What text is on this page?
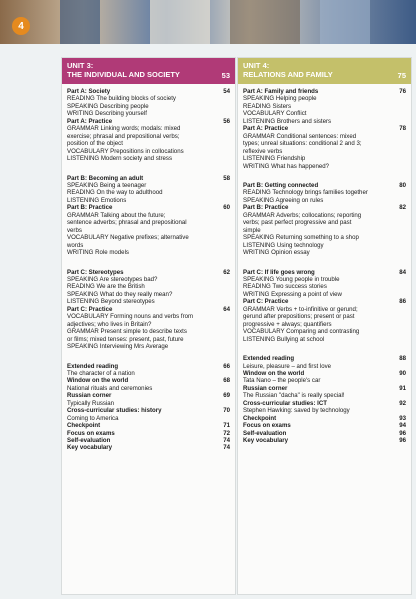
4
UNIT 3:
THE INDIVIDUAL AND SOCIETY	53
Part A: Society	54
READING The building blocks of society
SPEAKING Describing people
WRITING Describing yourself
Part A: Practice	56
GRAMMAR Linking words; modals: mixed
exercise; phrasal and prepositional verbs;
position of the object
VOCABULARY Prepositions in collocations
LISTENING Modern society and stress
Part B: Becoming an adult	58
SPEAKING Being a teenager
READING On the way to adulthood
LISTENING Emotions
Part B: Practice	60
GRAMMAR Talking about the future;
sentence adverbs; phrasal and prepositional
verbs
VOCABULARY Negative prefixes; alternative
words
WRITING Role models
Part C: Stereotypes	62
SPEAKING Are stereotypes bad?
READING We are the British
SPEAKING What do they really mean?
LISTENING Beyond stereotypes
Part C: Practice	64
VOCABULARY Forming nouns and verbs from
adjectives; who lives in Britain?
GRAMMAR Present simple to describe texts
or films; mixed tenses: present, past, future
SPEAKING Interviewing Mrs Average
Extended reading	66
The character of a nation
Window on the world	68
National rituals and ceremonies
Russian corner	69
Typically Russian
Cross-curricular studies: history	70
Coming to America
Checkpoint	71
Focus on exams	72
Self-evaluation	74
Key vocabulary	74
UNIT 4:
RELATIONS AND FAMILY	75
Part A: Family and friends	76
SPEAKING Helping people
READING Sisters
VOCABULARY Conflict
LISTENING Brothers and sisters
Part A: Practice	78
GRAMMAR Conditional sentences: mixed
types; unreal situations: conditional 2 and 3;
reflexive verbs
LISTENING Friendship
WRITING What has happened?
Part B: Getting connected	80
READING Technology brings families together
SPEAKING Agreeing on rules
Part B: Practice	82
GRAMMAR Adverbs; collocations; reporting
verbs; past perfect progressive and past
simple
SPEAKING Returning something to a shop
LISTENING Using technology
WRITING Opinion essay
Part C: If life goes wrong	84
SPEAKING Young people in trouble
READING Two success stories
WRITING Expressing a point of view
Part C: Practice	86
GRAMMAR Verbs + to-infinitive or gerund;
gerund after prepositions; present or past
progressive + always; quantifiers
VOCABULARY Comparing and contrasting
LISTENING Bullying at school
Extended reading	88
Leisure, pleasure – and first love
Window on the world	90
Tata Nano – the people's car
Russian corner	91
The Russian "dacha" is really special!
Cross-curricular studies: ICT	92
Stephen Hawking: saved by technology
Checkpoint	93
Focus on exams	94
Self-evaluation	96
Key vocabulary	96
